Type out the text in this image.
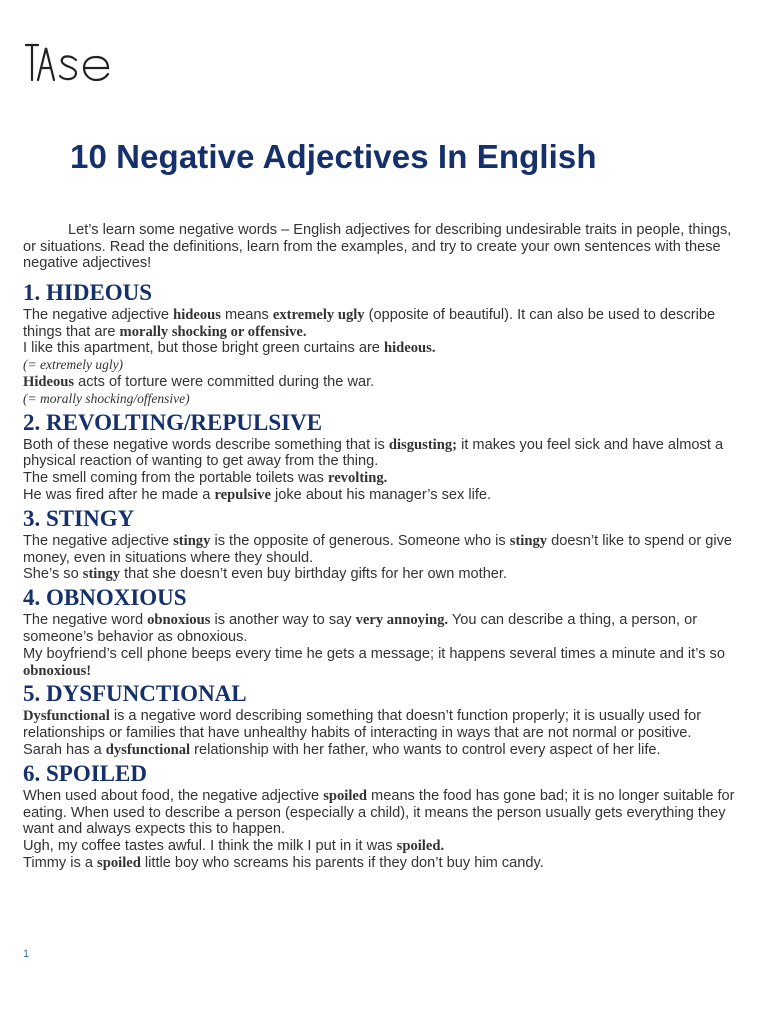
10 Negative Adjectives In English

Let’s learn some negative words – English adjectives for describing undesirable traits in people, things, or situations. Read the definitions, learn from the examples, and try to create your own sentences with these negative adjectives!

1. HIDEOUS

The negative adjective hideous means extremely ugly (opposite of beautiful). It can also be used to describe things that are morally shocking or offensive.

I like this apartment, but those bright green curtains are hideous.

(= extremely ugly)

Hideous acts of torture were committed during the war.

(= morally shocking/offensive)

2. REVOLTING/REPULSIVE

Both of these negative words describe something that is disgusting; it makes you feel sick and have almost a physical reaction of wanting to get away from the thing.

The smell coming from the portable toilets was revolting.

He was fired after he made a repulsive joke about his manager’s sex life.

3. STINGY

The negative adjective stingy is the opposite of generous. Someone who is stingy doesn’t like to spend or give money, even in situations where they should.

She’s so stingy that she doesn’t even buy birthday gifts for her own mother.

4. OBNOXIOUS

The negative word obnoxious is another way to say very annoying. You can describe a thing, a person, or someone’s behavior as obnoxious.

My boyfriend’s cell phone beeps every time he gets a message; it happens several times a minute and it’s so obnoxious!

5. DYSFUNCTIONAL

Dysfunctional is a negative word describing something that doesn’t function properly; it is usually used for relationships or families that have unhealthy habits of interacting in ways that are not normal or positive.

Sarah has a dysfunctional relationship with her father, who wants to control every aspect of her life.

6. SPOILED

When used about food, the negative adjective spoiled means the food has gone bad; it is no longer suitable for eating. When used to describe a person (especially a child), it means the person usually gets everything they want and always expects this to happen.

Ugh, my coffee tastes awful. I think the milk I put in it was spoiled.

Timmy is a spoiled little boy who screams his parents if they don’t buy him candy.

1
